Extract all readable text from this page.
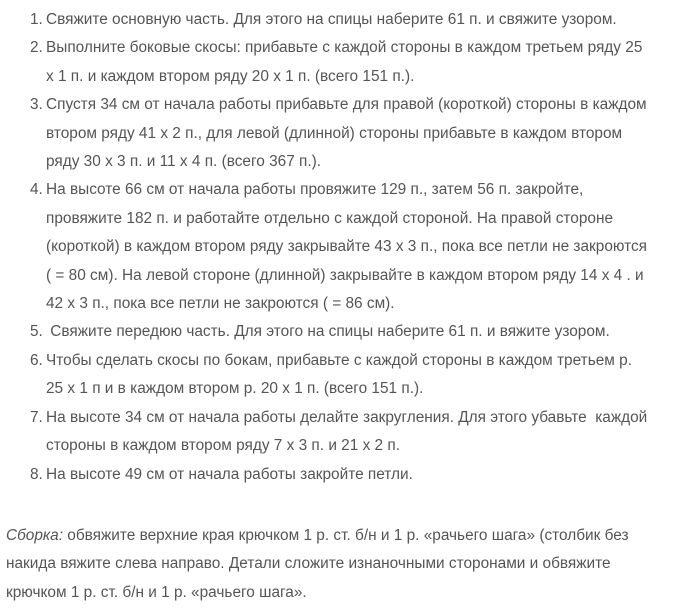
1. Свяжите основную часть. Для этого на спицы наберите 61 п. и свяжите узором.
2. Выполните боковые скосы: прибавьте с каждой стороны в каждом третьем ряду 25
х 1 п. и каждом втором ряду 20 х 1 п. (всего 151 п.).
3. Спустя 34 см от начала работы прибавьте для правой (короткой) стороны в каждом
втором ряду 41 х 2 п., для левой (длинной) стороны прибавьте в каждом втором
ряду 30 х 3 п. и 11 х 4 п. (всего 367 п.).
4. На высоте 66 см от начала работы провяжите 129 п., затем 56 п. закройте,
провяжите 182 п. и работайте отдельно с каждой стороной. На правой стороне
(короткой) в каждом втором ряду закрывайте 43 х 3 п., пока все петли не закроются
( = 80 см). На левой стороне (длинной) закрывайте в каждом втором ряду 14 х 4 . и
42 х 3 п., пока все петли не закроются ( = 86 см).
5. Свяжите передюю часть. Для этого на спицы наберите 61 п. и вяжите узором.
6. Чтобы сделать скосы по бокам, прибавьте с каждой стороны в каждом третьем р.
25 х 1 п и в каждом втором р. 20 х 1 п. (всего 151 п.).
7. На высоте 34 см от начала работы делайте закругления. Для этого убавьте  каждой
стороны в каждом втором ряду 7 х 3 п. и 21 х 2 п.
8. На высоте 49 см от начала работы закройте петли.
Сборка: обвяжите верхние края крючком 1 р. ст. б/н и 1 р. «рачьего шага» (столбик без
накида вяжите слева направо. Детали сложите изнаночными сторонами и обвяжите
крючком 1 р. ст. б/н и 1 р. «рачьего шага».
